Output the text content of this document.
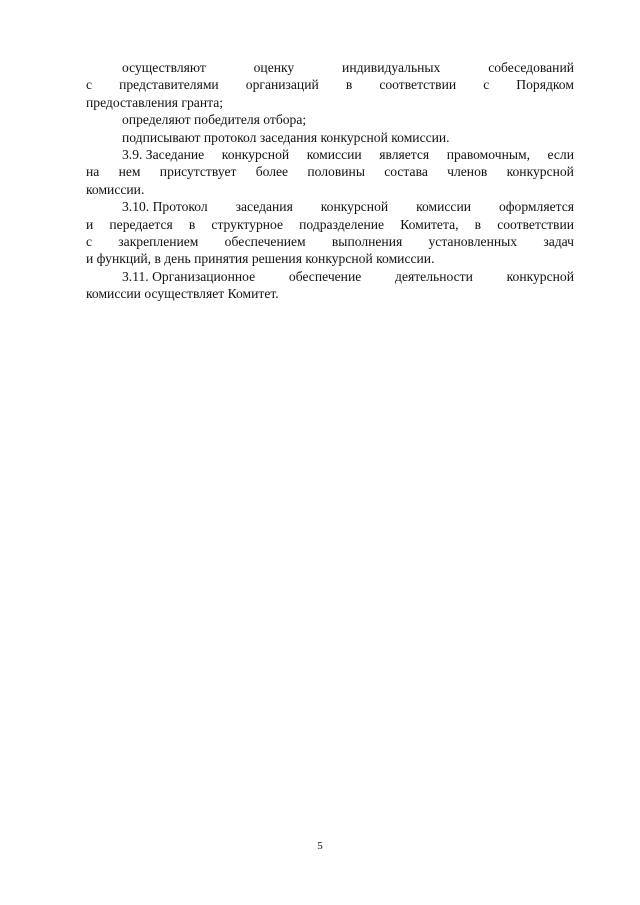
осуществляют	оценку	индивидуальных	собеседований
с представителями организаций в соответствии с Порядком
предоставления гранта;
определяют победителя отбора;
подписывают протокол заседания конкурсной комиссии.
3.9. Заседание конкурсной комиссии является правомочным, если
на нем присутствует более половины состава членов конкурсной
комиссии.
3.10. Протокол заседания конкурсной комиссии оформляется
и передается в структурное подразделение Комитета, в соответствии
с закреплением обеспечением выполнения установленных задач
и функций, в день принятия решения конкурсной комиссии.
3.11. Организационное обеспечение деятельности конкурсной
комиссии осуществляет Комитет.
5
